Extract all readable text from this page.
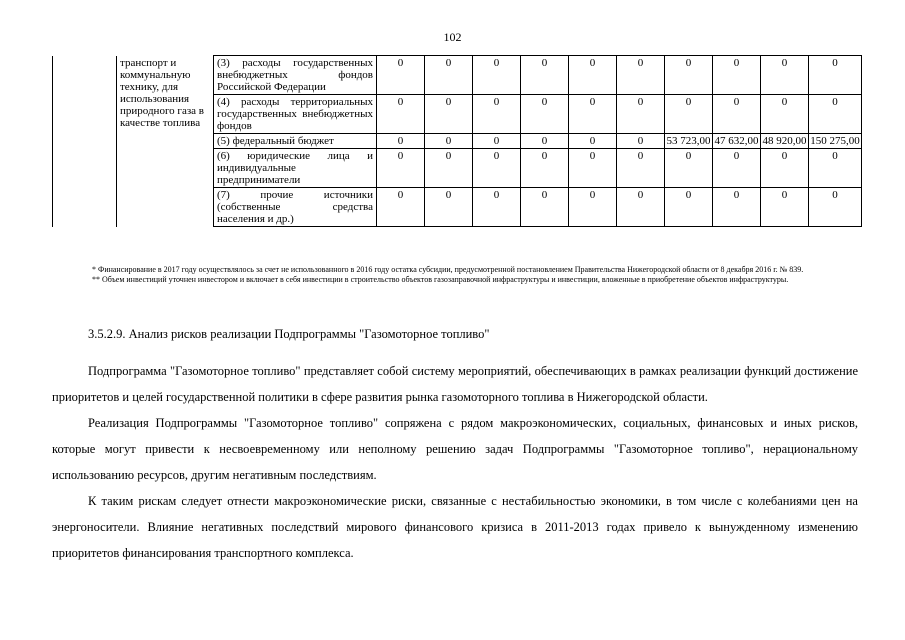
102
	транспорт и коммунальную технику, для использования природного газа в качестве топлива	(3) расходы государственных внебюджетных фондов Российской Федерации	0	0	0	0	0	0	0	0	0	0
		(4) расходы территориальных государственных внебюджетных фондов	0	0	0	0	0	0	0	0	0	0
		(5) федеральный бюджет	0	0	0	0	0	0	53 723,00	47 632,00	48 920,00	150 275,00
		(6) юридические лица и индивидуальные предприниматели	0	0	0	0	0	0	0	0	0	0
		(7) прочие источники (собственные средства населения и др.)	0	0	0	0	0	0	0	0	0	0

* Финансирование в 2017 году осуществлялось за счет не использованного в 2016 году остатка субсидии, предусмотренной постановлением Правительства Нижегородской области от 8 декабря 2016 г. № 839.

** Объем инвестиций уточнен инвестором и включает в себя инвестиции в строительство объектов газозаправочной инфраструктуры и инвестиции, вложенные в приобретение объектов инфраструктуры.

3.5.2.9. Анализ рисков реализации Подпрограммы "Газомоторное топливо"

Подпрограмма "Газомоторное топливо" представляет собой систему мероприятий, обеспечивающих в рамках реализации функций достижение приоритетов и целей государственной политики в сфере развития рынка газомоторного топлива в Нижегородской области.

Реализация Подпрограммы "Газомоторное топливо" сопряжена с рядом макроэкономических, социальных, финансовых и иных рисков, которые могут привести к несвоевременному или неполному решению задач Подпрограммы "Газомоторное топливо", нерациональному использованию ресурсов, другим негативным последствиям.

К таким рискам следует отнести макроэкономические риски, связанные с нестабильностью экономики, в том числе с колебаниями цен на энергоносители. Влияние негативных последствий мирового финансового кризиса в 2011-2013 годах привело к вынужденному изменению приоритетов финансирования транспортного комплекса.
